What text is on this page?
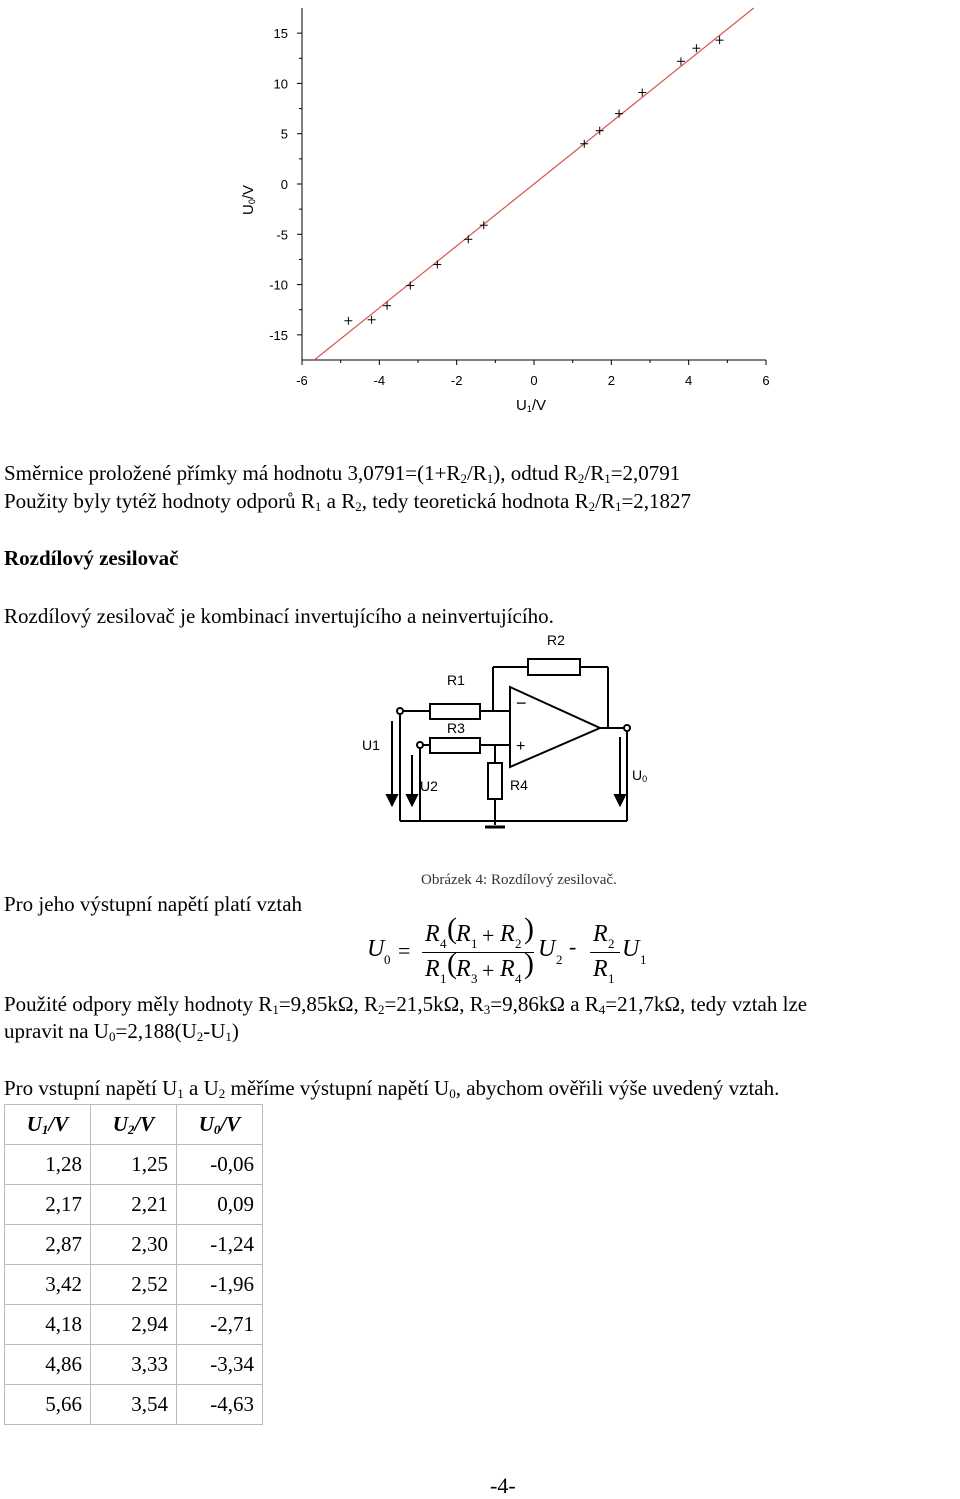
-6	-4	-2	0	2	4	6
15
10
5
0
-5
-10
-15
$U_1/V$
$U_0/V$
Směrnice proložené přímky má hodnotu $3,0791=(1+R_2/R_1)$, odtud $R_2/R_1=2,0791$
Použity byly tytéž hodnoty odporů $R_1$ a $R_2$, tedy teoretická hodnota $R_2/R_1=2,1827$
Rozdílový zesilovač
Rozdílový zesilovač je kombinací invertujícího a neinvertujícího.
R2
R1
R3
R4
U1
U2
U0
−
+
Obrázek 4: Rozdílový zesilovač.
Pro jeho výstupní napětí platí vztah
U 0 =
R 4 ( R 1 + R 2 )
R 1 ( R 3 + R 4 ) U 2
- R 2
R 1
U 1
Použité odpory měly hodnoty $R_1=9,85k\Omega$, $R_2=21,5k\Omega$, $R_3=9,86k\Omega$ a $R_4=21,7k\Omega$, tedy vztah lze
upravit na $U_0=2,188(U_2-U_1)$
Pro vstupní napětí $U_1$ a $U_2$ měříme výstupní napětí $U_0$, abychom ověřili výše uvedený vztah.
$U_1/V$	$U_2/V$	$U_0/V$
1,28	1,25	-0,06
2,17	2,21	0,09
2,87	2,30	-1,24
3,42	2,52	-1,96
4,18	2,94	-2,71
4,86	3,33	-3,34
5,66	3,54	-4,63
-4-
